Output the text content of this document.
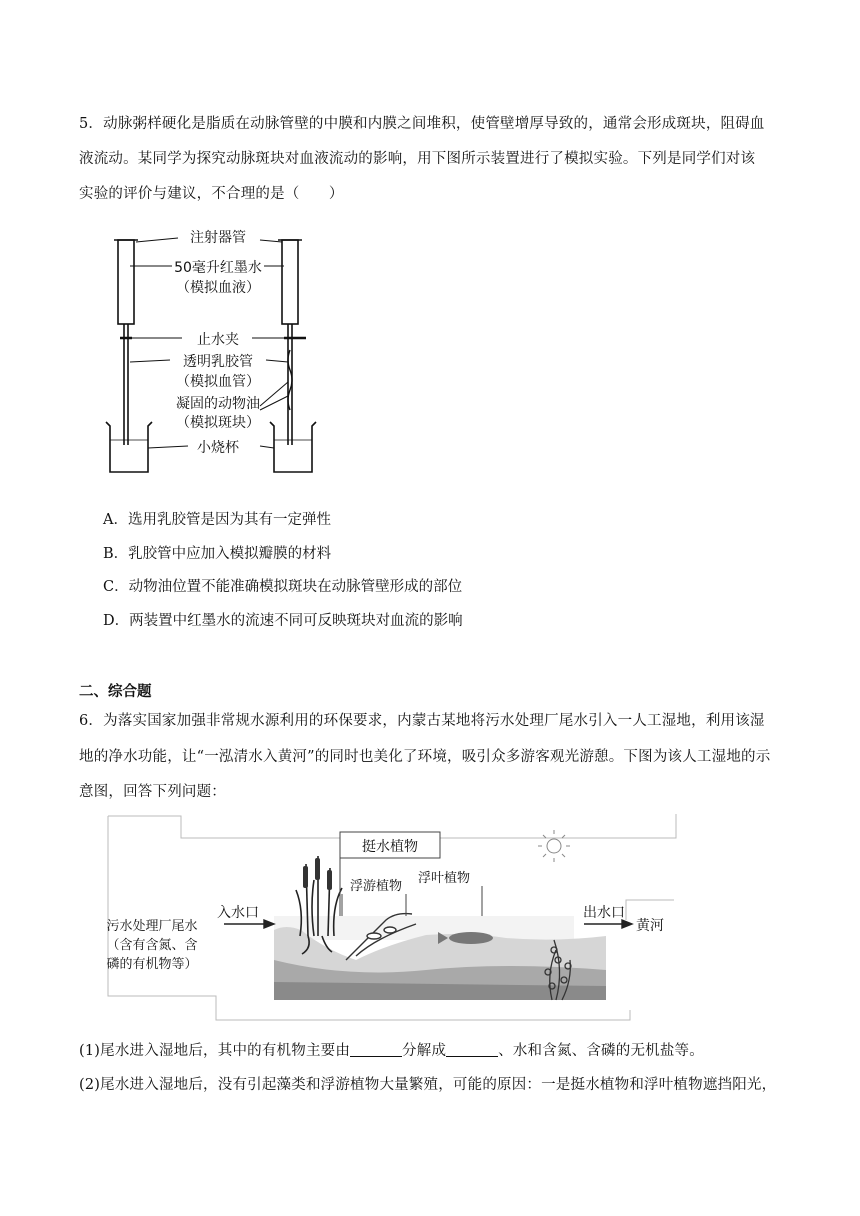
5．动脉粥样硬化是脂质在动脉管壁的中膜和内膜之间堆积，使管壁增厚导致的，通常会形成斑块，阻碍血
液流动。某同学为探究动脉斑块对血液流动的影响，用下图所示装置进行了模拟实验。下列是同学们对该
实验的评价与建议，不合理的是（　　）
注射器管
50毫升红墨水
（模拟血液）
止水夹
透明乳胶管
（模拟血管）
凝固的动物油
（模拟斑块）
小烧杯
A．选用乳胶管是因为其有一定弹性
B．乳胶管中应加入模拟瓣膜的材料
C．动物油位置不能准确模拟斑块在动脉管壁形成的部位
D．两装置中红墨水的流速不同可反映斑块对血流的影响
二、综合题
6．为落实国家加强非常规水源利用的环保要求，内蒙古某地将污水处理厂尾水引入一人工湿地，利用该湿
地的净水功能，让“一泓清水入黄河”的同时也美化了环境，吸引众多游客观光游憩。下图为该人工湿地的示
意图，回答下列问题：
挺水植物
浮游植物
浮叶植物
入水口	出水口
黄河
污水处理厂尾水
（含有含氮、含
磷的有机物等）
(1)尾水进入湿地后，其中的有机物主要由	分解成	、水和含氮、含磷的无机盐等。
(2)尾水进入湿地后，没有引起藻类和浮游植物大量繁殖，可能的原因：一是挺水植物和浮叶植物遮挡阳光，
